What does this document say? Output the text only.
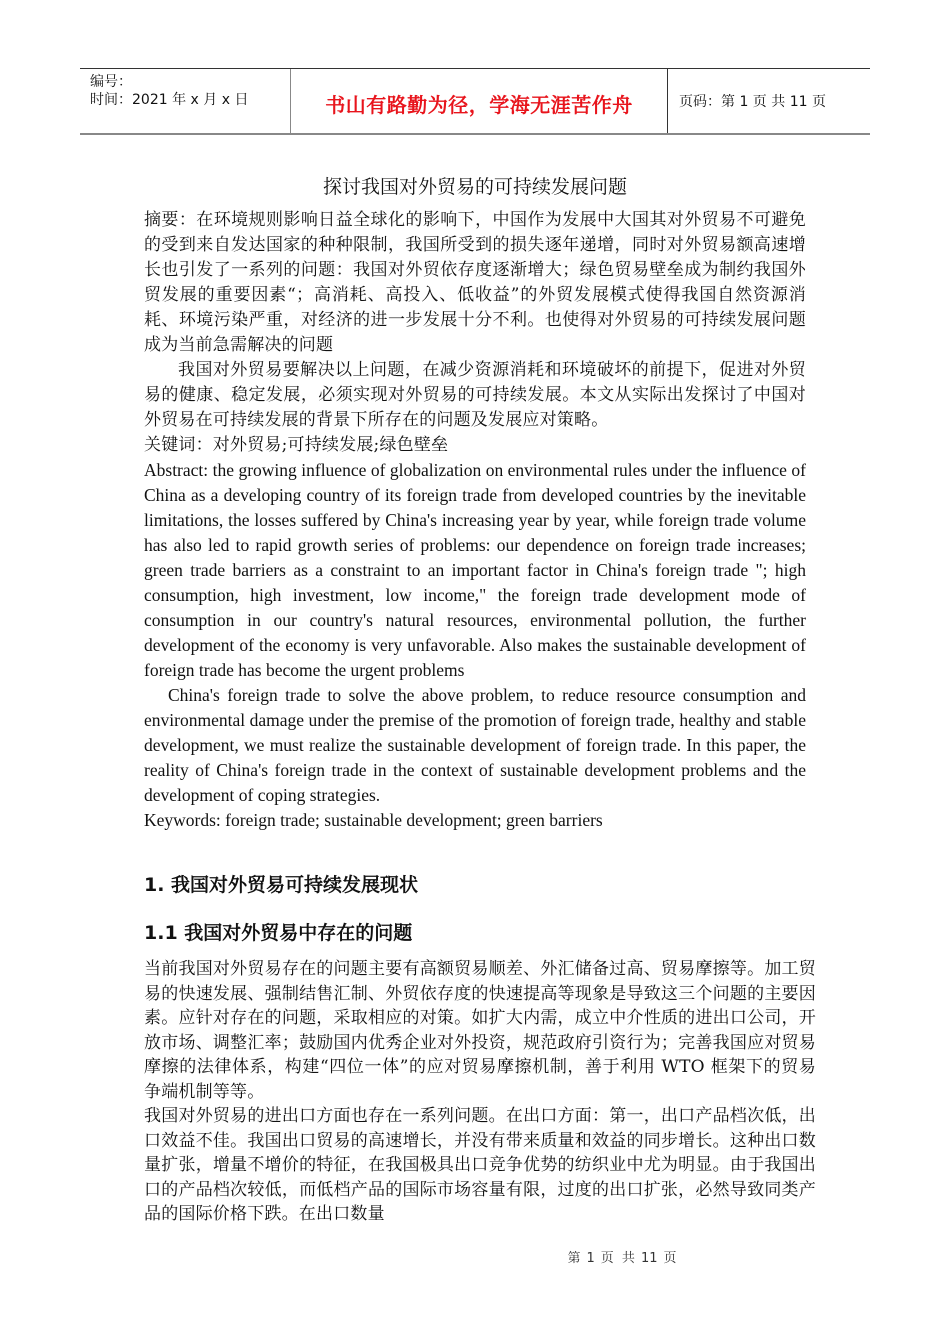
编号：
时间：2021 年 x 月 x 日	书山有路勤为径，学海无涯苦作舟	页码：第 1 页 共 11 页
探讨我国对外贸易的可持续发展问题

摘要：在环境规则影响日益全球化的影响下，中国作为发展中大国其对外贸易不可避免的受到来自发达国家的种种限制，我国所受到的损失逐年递增，同时对外贸易额高速增长也引发了一系列的问题：我国对外贸依存度逐渐增大；绿色贸易壁垒成为制约我国外贸发展的重要因素“；高消耗、高投入、低收益”的外贸发展模式使得我国自然资源消耗、环境污染严重，对经济的进一步发展十分不利。也使得对外贸易的可持续发展问题成为当前急需解决的问题

我国对外贸易要解决以上问题，在减少资源消耗和环境破坏的前提下，促进对外贸易的健康、稳定发展，必须实现对外贸易的可持续发展。本文从实际出发探讨了中国对外贸易在可持续发展的背景下所存在的问题及发展应对策略。

关键词：对外贸易;可持续发展;绿色壁垒

Abstract: the growing influence of globalization on environmental rules under the influence of China as a developing country of its foreign trade from developed countries by the inevitable limitations, the losses suffered by China's increasing year by year, while foreign trade volume has also led to rapid growth series of problems: our dependence on foreign trade increases; green trade barriers as a constraint to an important factor in China's foreign trade "; high consumption, high investment, low income," the foreign trade development mode of consumption in our country's natural resources, environmental pollution, the further development of the economy is very unfavorable. Also makes the sustainable development of foreign trade has become the urgent problems

China's foreign trade to solve the above problem, to reduce resource consumption and environmental damage under the premise of the promotion of foreign trade, healthy and stable development, we must realize the sustainable development of foreign trade. In this paper, the reality of China's foreign trade in the context of sustainable development problems and the development of coping strategies.

Keywords: foreign trade; sustainable development; green barriers

1. 我国对外贸易可持续发展现状
1.1 我国对外贸易中存在的问题

当前我国对外贸易存在的问题主要有高额贸易顺差、外汇储备过高、贸易摩擦等。加工贸易的快速发展、强制结售汇制、外贸依存度的快速提高等现象是导致这三个问题的主要因素。应针对存在的问题，采取相应的对策。如扩大内需，成立中介性质的进出口公司，开放市场、调整汇率；鼓励国内优秀企业对外投资，规范政府引资行为；完善我国应对贸易摩擦的法律体系，构建“四位一体”的应对贸易摩擦机制，善于利用 WTO 框架下的贸易争端机制等等。

我国对外贸易的进出口方面也存在一系列问题。在出口方面：第一，出口产品档次低，出口效益不佳。我国出口贸易的高速增长，并没有带来质量和效益的同步增长。这种出口数量扩张，增量不增价的特征，在我国极具出口竞争优势的纺织业中尤为明显。由于我国出口的产品档次较低，而低档产品的国际市场容量有限，过度的出口扩张，必然导致同类产品的国际价格下跌。在出口数量

第 1 页 共 11 页
